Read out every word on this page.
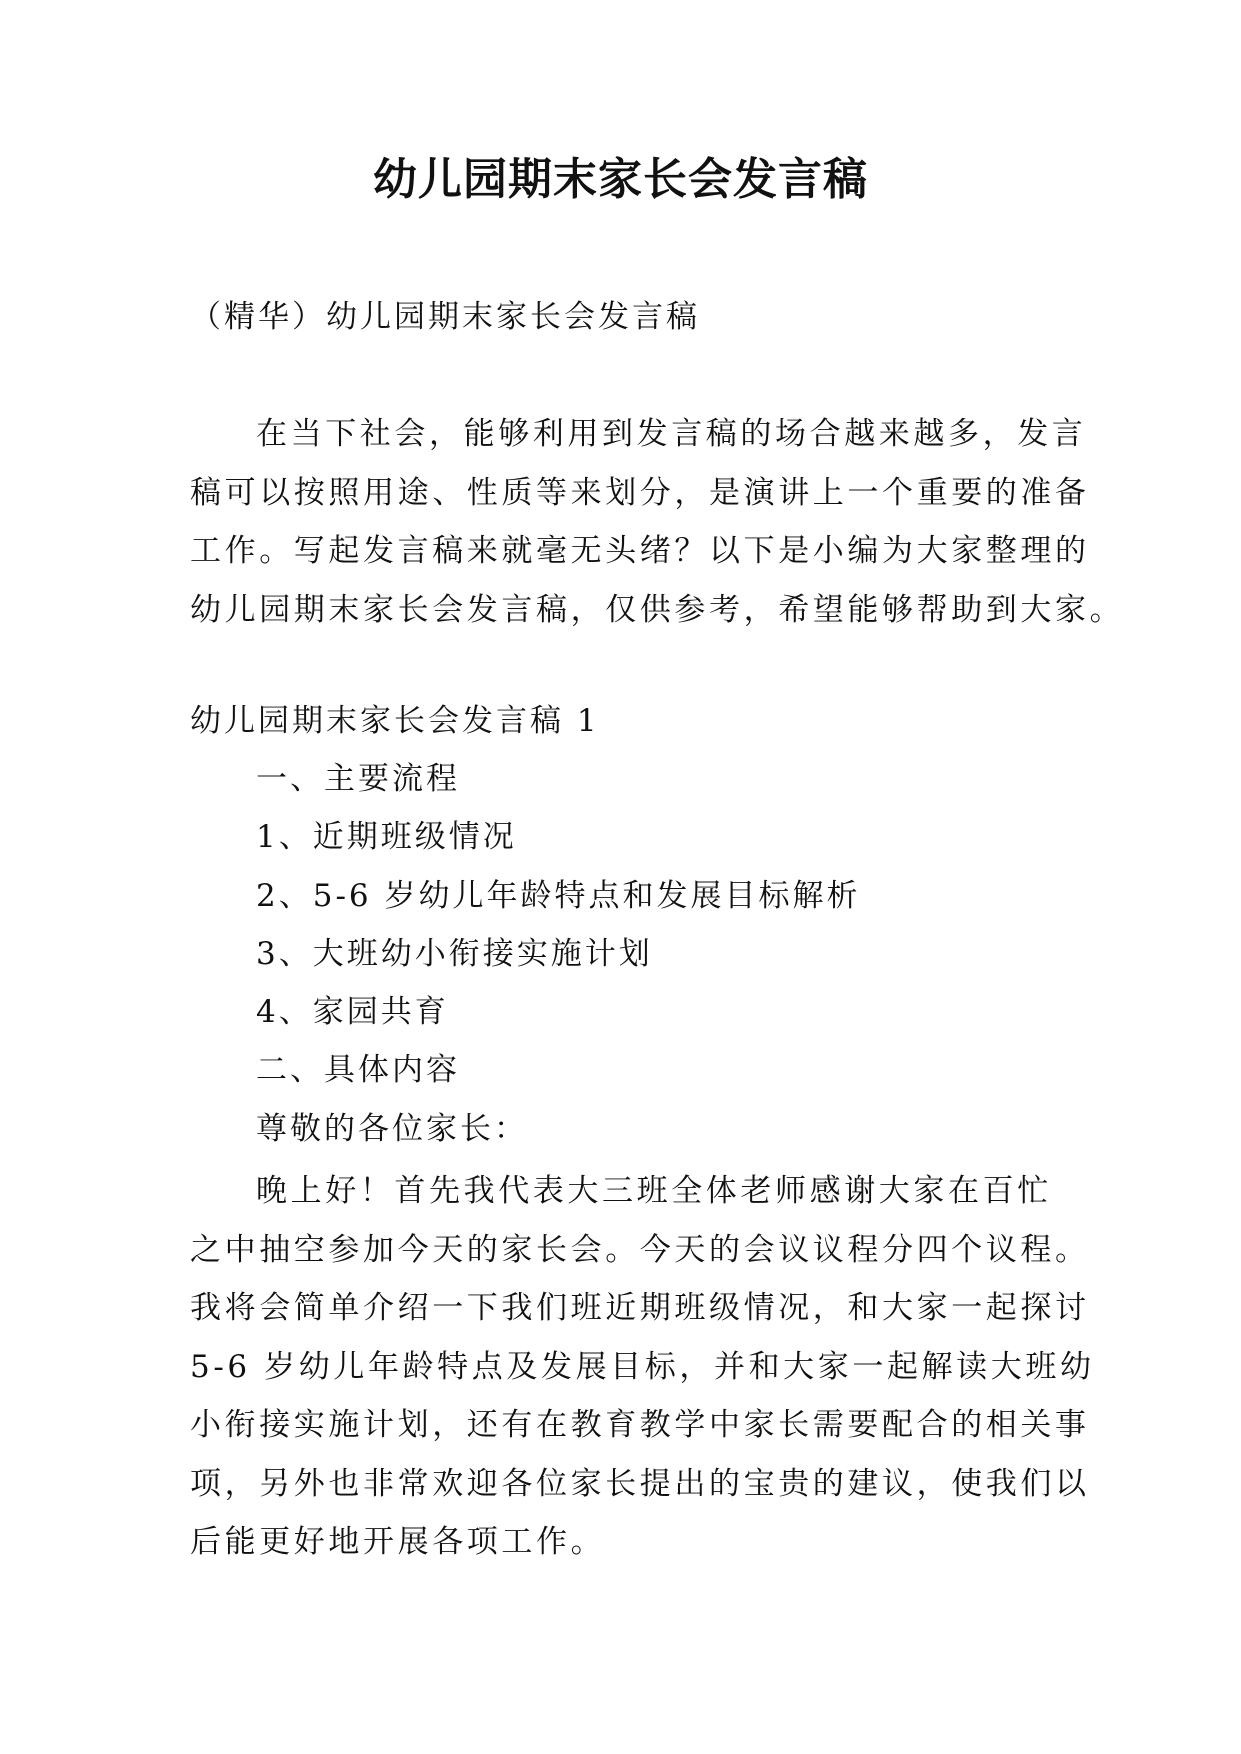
幼儿园期末家长会发言稿
（精华）幼儿园期末家长会发言稿
在当下社会，能够利用到发言稿的场合越来越多，发言
稿可以按照用途、性质等来划分，是演讲上一个重要的准备
工作。写起发言稿来就毫无头绪？以下是小编为大家整理的
幼儿园期末家长会发言稿，仅供参考，希望能够帮助到大家。
幼儿园期末家长会发言稿 1
一、主要流程
1、近期班级情况
2、5-6 岁幼儿年龄特点和发展目标解析
3、大班幼小衔接实施计划
4、家园共育
二、具体内容
尊敬的各位家长：
晚上好！首先我代表大三班全体老师感谢大家在百忙
之中抽空参加今天的家长会。今天的会议议程分四个议程。
我将会简单介绍一下我们班近期班级情况，和大家一起探讨
5-6 岁幼儿年龄特点及发展目标，并和大家一起解读大班幼
小衔接实施计划，还有在教育教学中家长需要配合的相关事
项，另外也非常欢迎各位家长提出的宝贵的建议，使我们以
后能更好地开展各项工作。
